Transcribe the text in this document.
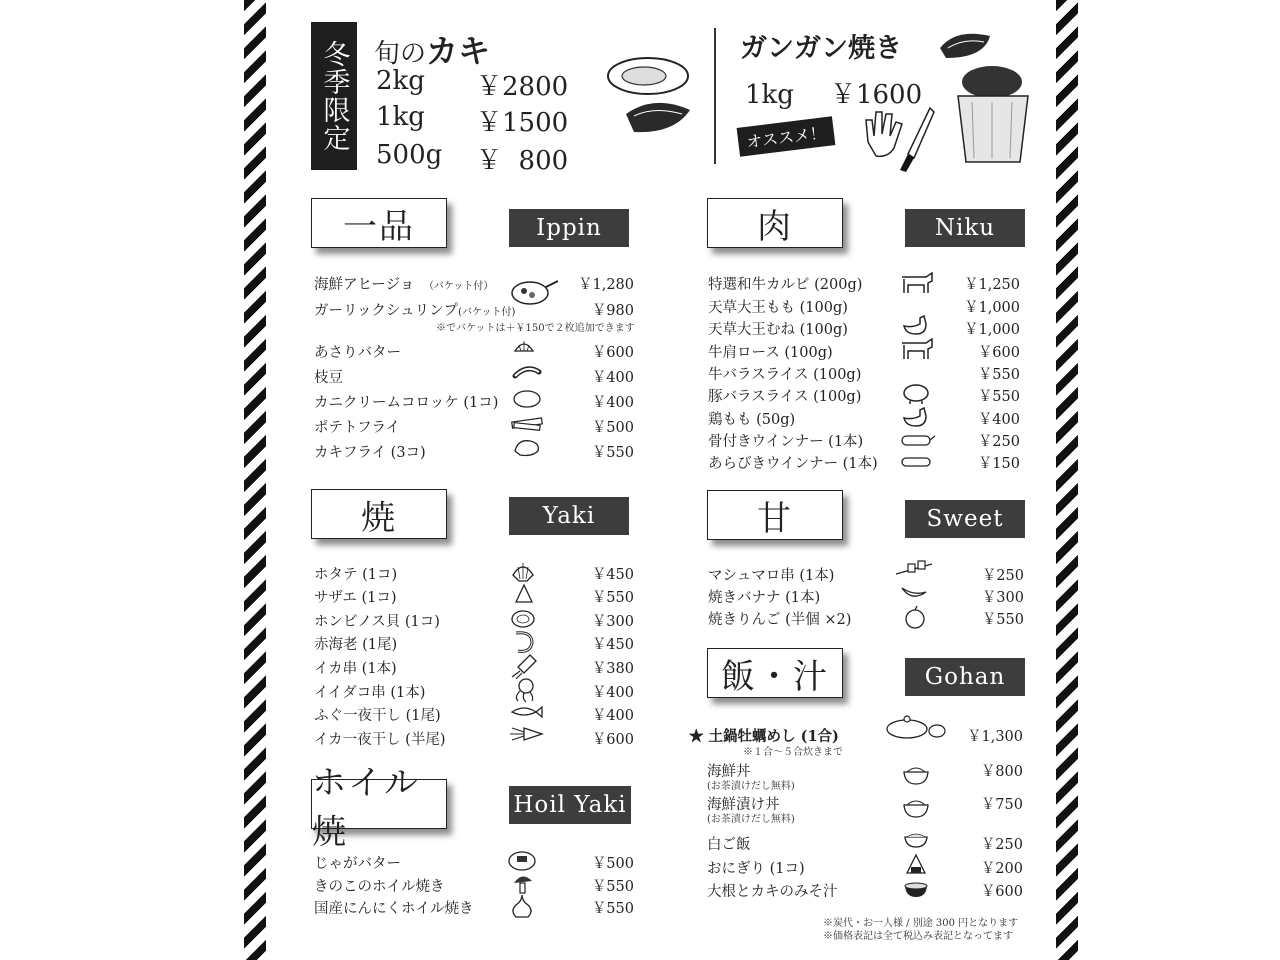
冬季限定 旬のカキ
2kg ￥2800
1kg ￥1500
500g ￥  800
ガンガン焼き
1kg ￥1600
オススメ！
一品	Ippin
海鮮アヒージョ　 （バケット付）	￥1,280
ガーリックシュリンプ(バケット付)	￥980
※でバケットは＋￥150で２枚追加できます
あさりバター	￥600
枝豆	￥400
カニクリームコロッケ (1コ)	￥400
ポテトフライ	￥500
カキフライ (3コ)	￥550
肉	Niku
特選和牛カルビ (200g)	￥1,250
天草大王もも (100g)	￥1,000
天草大王むね (100g)	￥1,000
牛肩ロース (100g)	￥600
牛バラスライス (100g)	￥550
豚バラスライス (100g)	￥550
鶏もも (50g)	￥400
骨付きウインナー (1本)	￥250
あらびきウインナー (1本)	￥150
焼	Yaki
ホタテ (1コ)	￥450
サザエ (1コ)	￥550
ホンビノス貝 (1コ)	￥300
赤海老 (1尾)	￥450
イカ串 (1本)	￥380
イイダコ串 (1本)	￥400
ふぐ一夜干し (1尾)	￥400
イカ一夜干し (半尾)	￥600
甘	Sweet
マシュマロ串 (1本)	￥250
焼きバナナ (1本)	￥300
焼きりんご (半個 ×2)	￥550
ホイル焼
Hoil Yaki
じゃがバター	￥500
きのこのホイル焼き	￥550
国産にんにくホイル焼き	￥550
飯・汁	Gohan
★ 土鍋牡蠣めし (1合)	￥1,300
※１合～５合炊きまで
海鮮丼	￥800
(お茶漬けだし無料)
海鮮漬け丼	￥750
(お茶漬けだし無料)
白ご飯	￥250
おにぎり (1コ)	￥200
大根とカキのみそ汁	￥600
※炭代・お一人様 / 別途 300 円となります
※価格表記は全て税込み表記となってます
